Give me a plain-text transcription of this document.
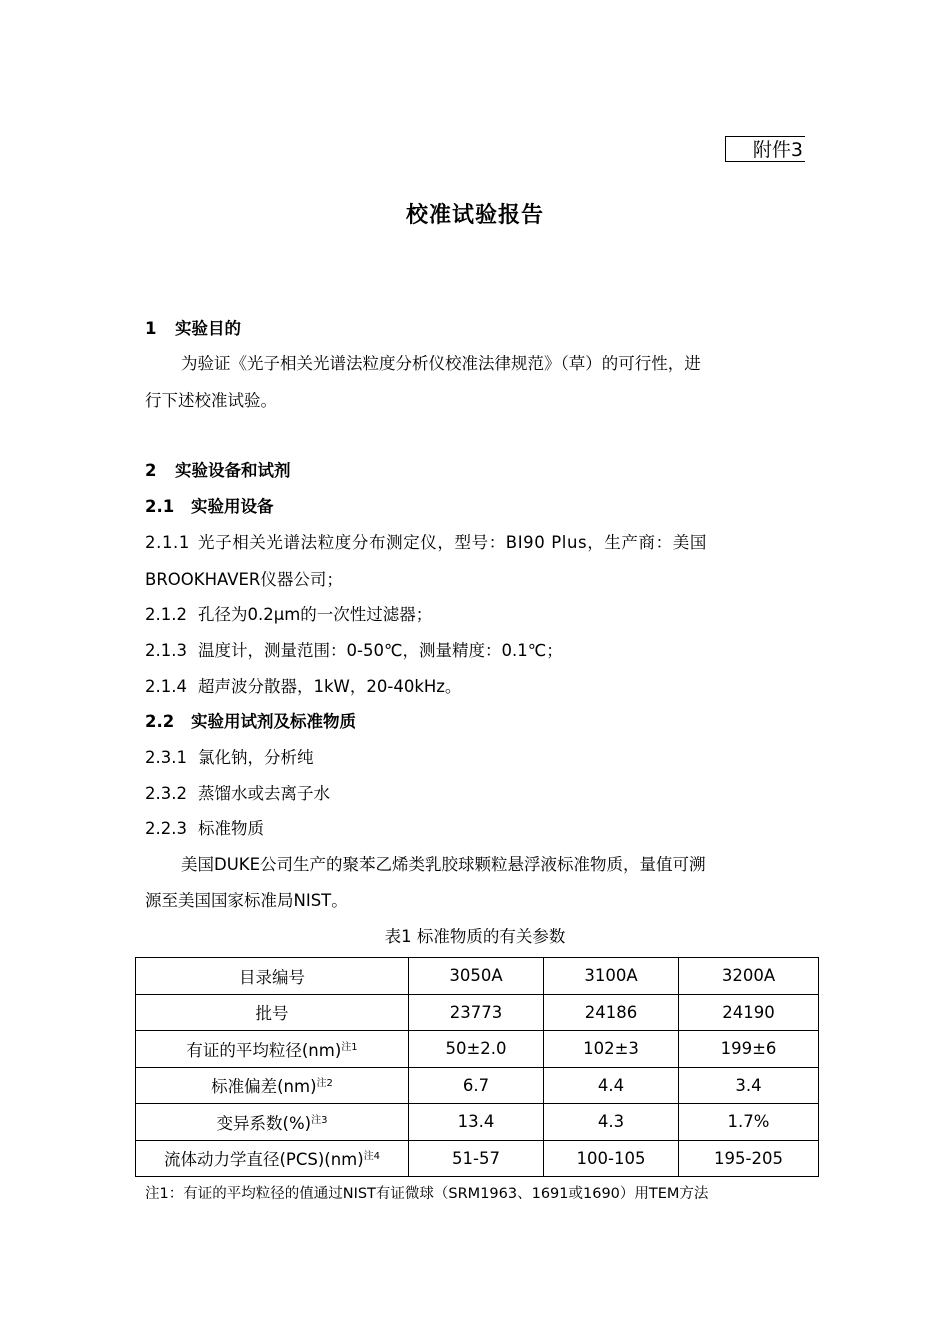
附件3
校准试验报告
1 实验目的
为验证《光子相关光谱法粒度分析仪校准法律规范》（草）的可行性，进
行下述校准试验。
2 实验设备和试剂
2.1 实验用设备
2.1.1 光子相关光谱法粒度分布测定仪，型号：BI90 Plus，生产商：美国
BROOKHAVER仪器公司；
2.1.2 孔径为0.2μm的一次性过滤器；
2.1.3 温度计，测量范围：0-50℃，测量精度：0.1℃；
2.1.4 超声波分散器，1kW，20-40kHz。
2.2 实验用试剂及标准物质
2.3.1 氯化钠，分析纯
2.3.2 蒸馏水或去离子水
2.2.3 标准物质
美国DUKE公司生产的聚苯乙烯类乳胶球颗粒悬浮液标准物质，量值可溯
源至美国国家标准局NIST。
表1 标准物质的有关参数
目录编号	3050A	3100A	3200A
批号	23773	24186	24190
有证的平均粒径(nm)$^{注1}$	50±2.0	102±3	199±6
标准偏差(nm)$^{注2}$	6.7	4.4	3.4
变异系数(%)$^{注3}$	13.4	4.3	1.7%
流体动力学直径(PCS)(nm)$^{注4}$	51-57	100-105	195-205
注1：有证的平均粒径的值通过NIST有证微球（SRM1963、1691或1690）用TEM方法
